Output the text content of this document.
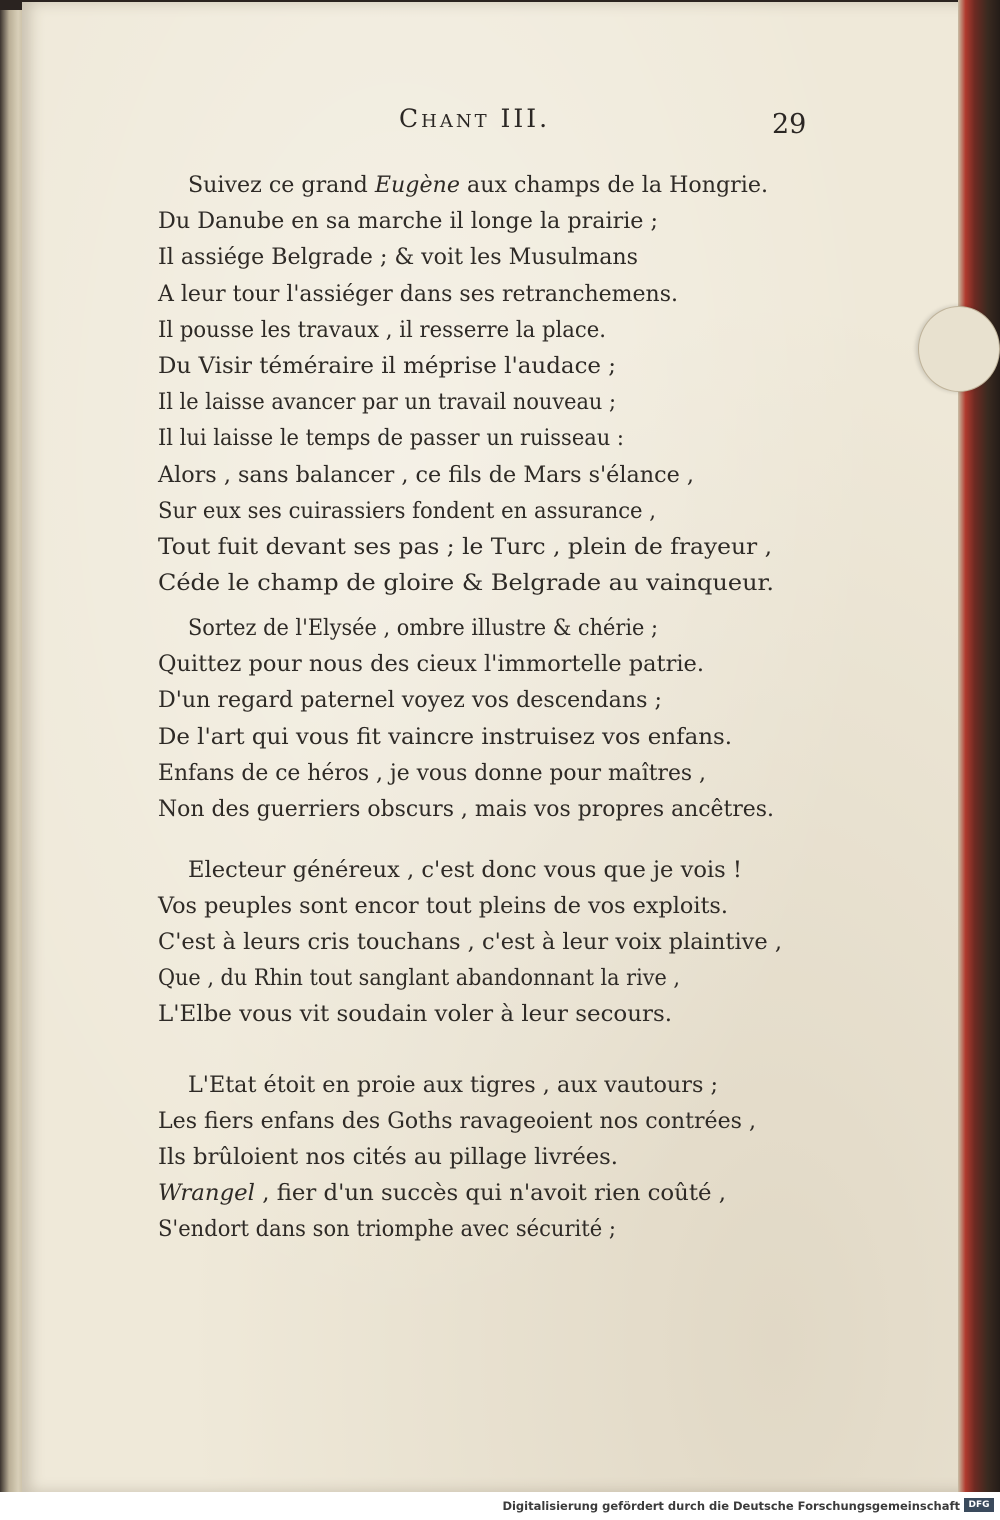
Chant III.	29
Suivez ce grand Eugène aux champs de la Hongrie.
Du Danube en sa marche il longe la prairie ;
Il assiége Belgrade ; & voit les Musulmans
A leur tour l'assiéger dans ses retranchemens.
Il pousse les travaux , il resserre la place.
Du Visir téméraire il méprise l'audace ;
Il le laisse avancer par un travail nouveau ;
Il lui laisse le temps de passer un ruisseau :
Alors , sans balancer , ce fils de Mars s'élance ,
Sur eux ses cuirassiers fondent en assurance ,
Tout fuit devant ses pas ; le Turc , plein de frayeur ,
Céde le champ de gloire & Belgrade au vainqueur.
Sortez de l'Elysée , ombre illustre & chérie ;
Quittez pour nous des cieux l'immortelle patrie.
D'un regard paternel voyez vos descendans ;
De l'art qui vous fit vaincre instruisez vos enfans.
Enfans de ce héros , je vous donne pour maîtres ,
Non des guerriers obscurs , mais vos propres ancêtres.
Electeur généreux , c'est donc vous que je vois !
Vos peuples sont encor tout pleins de vos exploits.
C'est à leurs cris touchans , c'est à leur voix plaintive ,
Que , du Rhin tout sanglant abandonnant la rive ,
L'Elbe vous vit soudain voler à leur secours.
L'Etat étoit en proie aux tigres , aux vautours ;
Les fiers enfans des Goths ravageoient nos contrées ,
Ils brûloient nos cités au pillage livrées.
Wrangel , fier d'un succès qui n'avoit rien coûté ,
S'endort dans son triomphe avec sécurité ;
Digitalisierung gefördert durch die Deutsche Forschungsgemeinschaft DFG
